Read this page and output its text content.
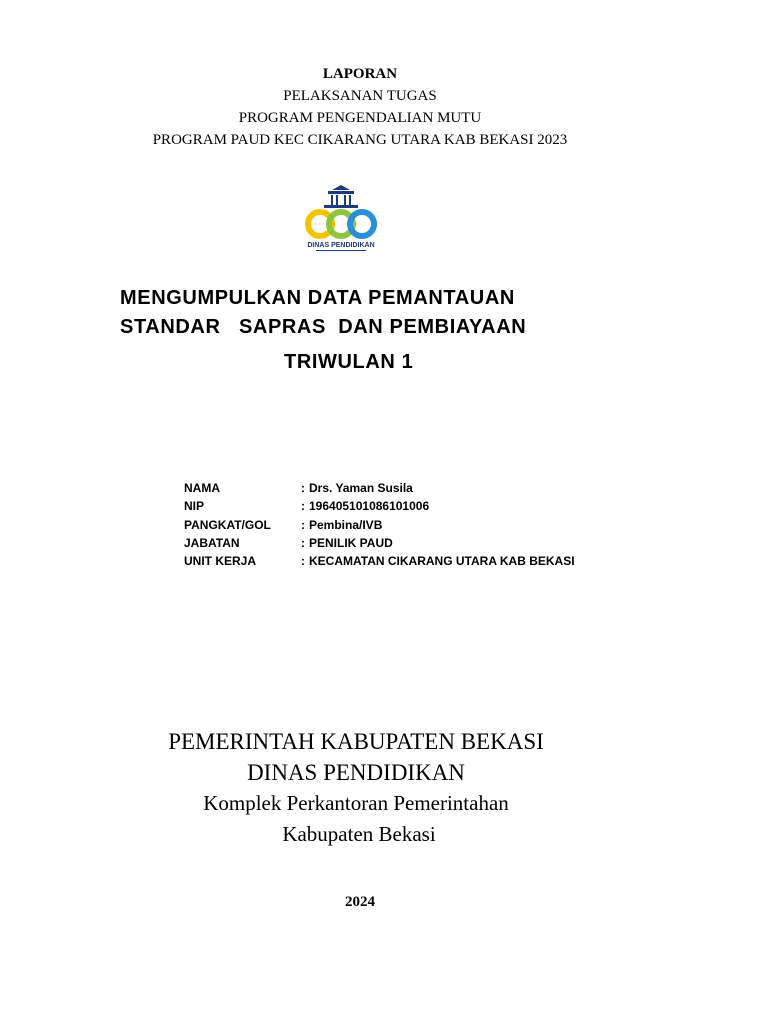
LAPORAN
PELAKSANAN TUGAS
PROGRAM PENGENDALIAN MUTU
PROGRAM PAUD KEC CIKARANG UTARA KAB BEKASI 2023
DINAS PENDIDIKAN
MENGUMPULKAN DATA PEMANTAUAN
STANDAR   SAPRAS  DAN PEMBIAYAAN
TRIWULAN 1
NAMA	: Drs. Yaman Susila
NIP	: 196405101086101006
PANGKAT/GOL	: Pembina/IVB
JABATAN	: PENILIK PAUD
UNIT KERJA	: KECAMATAN CIKARANG UTARA KAB BEKASI
PEMERINTAH KABUPATEN BEKASI
DINAS PENDIDIKAN
Komplek Perkantoran Pemerintahan
Kabupaten Bekasi
2024
